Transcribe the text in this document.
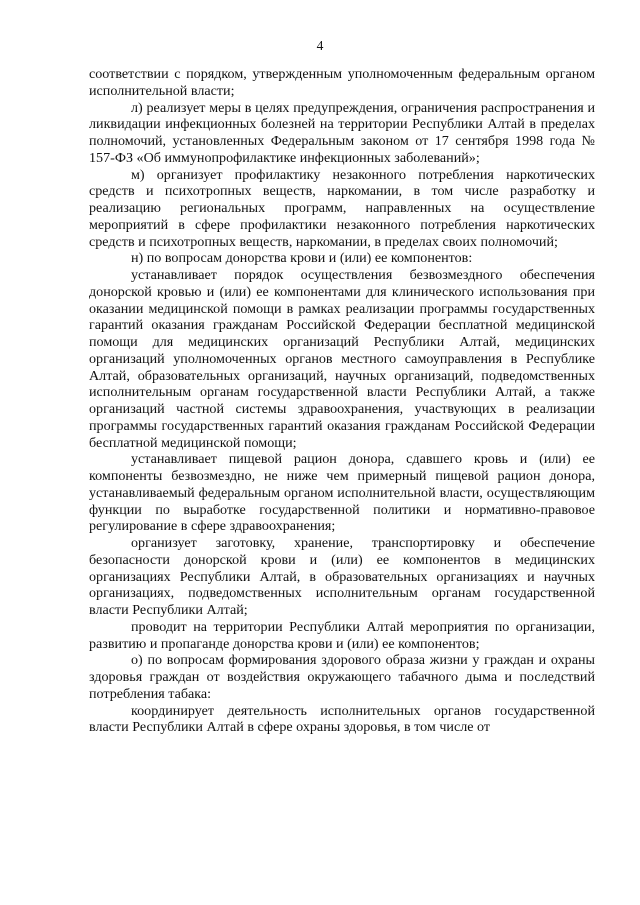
4

соответствии с порядком, утвержденным уполномоченным федеральным органом исполнительной власти;

л) реализует меры в целях предупреждения, ограничения распространения и ликвидации инфекционных болезней на территории Республики Алтай в пределах полномочий, установленных Федеральным законом от 17 сентября 1998 года № 157-ФЗ «Об иммунопрофилактике инфекционных заболеваний»;

м) организует профилактику незаконного потребления наркотических средств и психотропных веществ, наркомании, в том числе разработку и реализацию региональных программ, направленных на осуществление мероприятий в сфере профилактики незаконного потребления наркотических средств и психотропных веществ, наркомании, в пределах своих полномочий;

н) по вопросам донорства крови и (или) ее компонентов:

устанавливает порядок осуществления безвозмездного обеспечения донорской кровью и (или) ее компонентами для клинического использования при оказании медицинской помощи в рамках реализации программы государственных гарантий оказания гражданам Российской Федерации бесплатной медицинской помощи для медицинских организаций Республики Алтай, медицинских организаций уполномоченных органов местного самоуправления в Республике Алтай, образовательных организаций, научных организаций, подведомственных исполнительным органам государственной власти Республики Алтай, а также организаций частной системы здравоохранения, участвующих в реализации программы государственных гарантий оказания гражданам Российской Федерации бесплатной медицинской помощи;

устанавливает пищевой рацион донора, сдавшего кровь и (или) ее компоненты безвозмездно, не ниже чем примерный пищевой рацион донора, устанавливаемый федеральным органом исполнительной власти, осуществляющим функции по выработке государственной политики и нормативно-правовое регулирование в сфере здравоохранения;

организует заготовку, хранение, транспортировку и обеспечение безопасности донорской крови и (или) ее компонентов в медицинских организациях Республики Алтай, в образовательных организациях и научных организациях, подведомственных исполнительным органам государственной власти Республики Алтай;

проводит на территории Республики Алтай мероприятия по организации, развитию и пропаганде донорства крови и (или) ее компонентов;

о) по вопросам формирования здорового образа жизни у граждан и охраны здоровья граждан от воздействия окружающего табачного дыма и последствий потребления табака:

координирует деятельность исполнительных органов государственной власти Республики Алтай в сфере охраны здоровья, в том числе от
